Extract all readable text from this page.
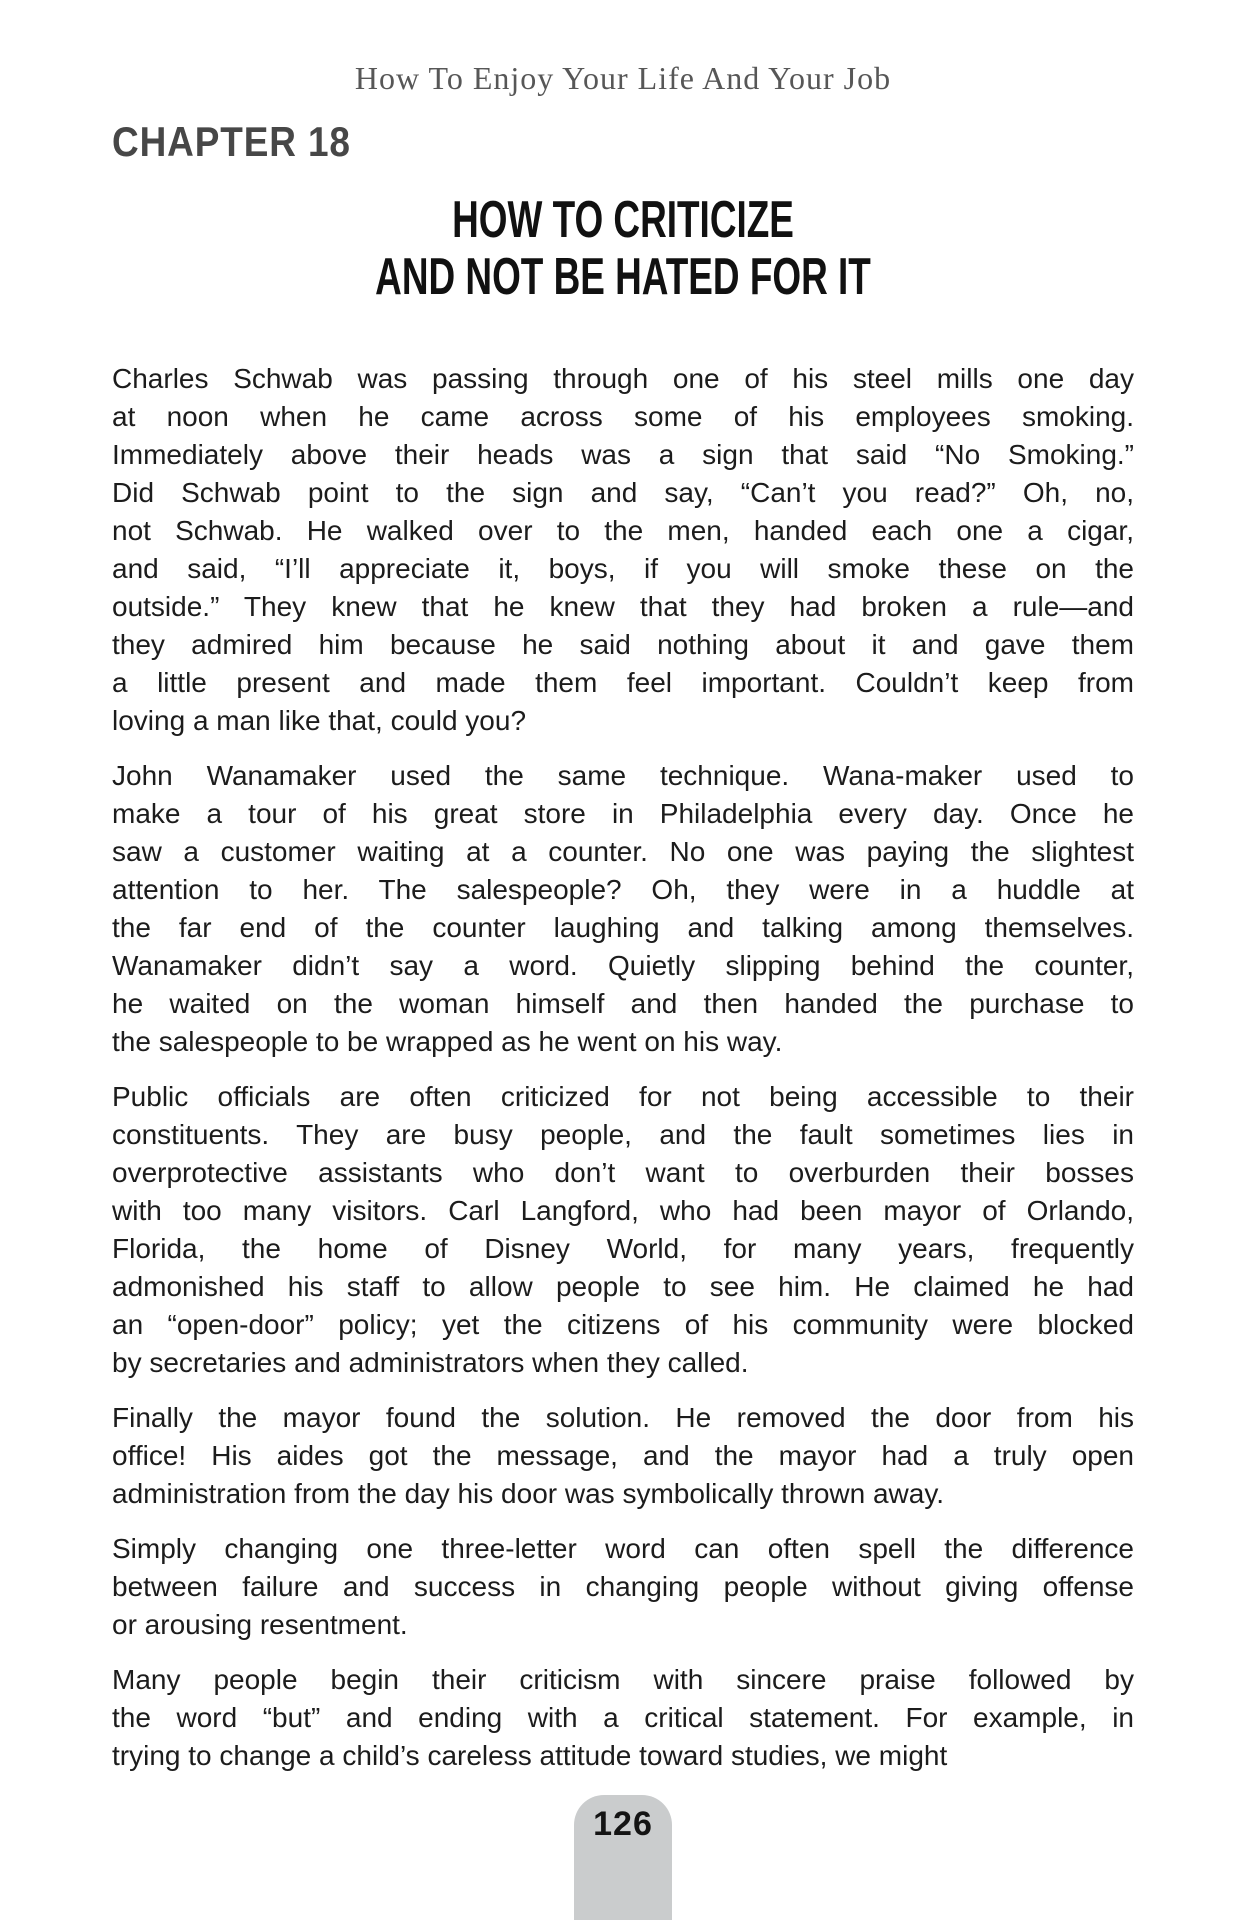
How To Enjoy Your Life And Your Job
CHAPTER 18
HOW TO CRITICIZE
AND NOT BE HATED FOR IT
Charles Schwab was passing through one of his steel mills one day
at noon when he came across some of his employees smoking.
Immediately above their heads was a sign that said “No Smoking.”
Did Schwab point to the sign and say, “Can’t you read?” Oh, no,
not Schwab. He walked over to the men, handed each one a cigar,
and said, “I’ll appreciate it, boys, if you will smoke these on the
outside.” They knew that he knew that they had broken a rule—and
they admired him because he said nothing about it and gave them
a little present and made them feel important. Couldn’t keep from
loving a man like that, could you?
John Wanamaker used the same technique. Wana-maker used to
make a tour of his great store in Philadelphia every day. Once he
saw a customer waiting at a counter. No one was paying the slightest
attention to her. The salespeople? Oh, they were in a huddle at
the far end of the counter laughing and talking among themselves.
Wanamaker didn’t say a word. Quietly slipping behind the counter,
he waited on the woman himself and then handed the purchase to
the salespeople to be wrapped as he went on his way.
Public officials are often criticized for not being accessible to their
constituents. They are busy people, and the fault sometimes lies in
overprotective assistants who don’t want to overburden their bosses
with too many visitors. Carl Langford, who had been mayor of Orlando,
Florida, the home of Disney World, for many years, frequently
admonished his staff to allow people to see him. He claimed he had
an “open-door” policy; yet the citizens of his community were blocked
by secretaries and administrators when they called.
Finally the mayor found the solution. He removed the door from his
office! His aides got the message, and the mayor had a truly open
administration from the day his door was symbolically thrown away.
Simply changing one three-letter word can often spell the difference
between failure and success in changing people without giving offense
or arousing resentment.
Many people begin their criticism with sincere praise followed by
the word “but” and ending with a critical statement. For example, in
trying to change a child’s careless attitude toward studies, we might
126
